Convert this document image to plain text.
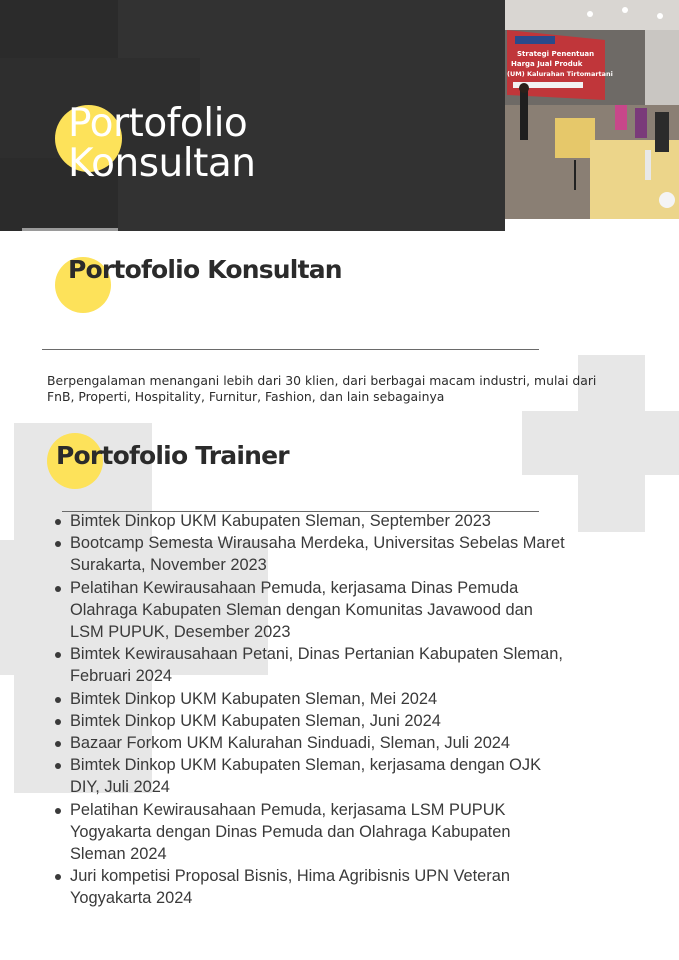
Portofolio
Konsultan
Strategi Penentuan
Harga Jual Produk
(UM) Kalurahan Tirtomartani
Portofolio Konsultan

Berpengalaman menangani lebih dari 30 klien, dari berbagai macam industri, mulai dari FnB, Properti, Hospitality, Furnitur, Fashion, dan lain sebagainya

Portofolio Trainer
Bimtek Dinkop UKM Kabupaten Sleman, September 2023
Bootcamp Semesta Wirausaha Merdeka, Universitas Sebelas Maret Surakarta, November 2023
Pelatihan Kewirausahaan Pemuda, kerjasama Dinas Pemuda Olahraga Kabupaten Sleman dengan Komunitas Javawood dan LSM PUPUK, Desember 2023
Bimtek Kewirausahaan Petani, Dinas Pertanian Kabupaten Sleman, Februari 2024
Bimtek Dinkop UKM Kabupaten Sleman, Mei 2024
Bimtek Dinkop UKM Kabupaten Sleman, Juni 2024
Bazaar Forkom UKM Kalurahan Sinduadi, Sleman, Juli 2024
Bimtek Dinkop UKM Kabupaten Sleman, kerjasama dengan OJK DIY, Juli 2024
Pelatihan Kewirausahaan Pemuda, kerjasama LSM PUPUK Yogyakarta dengan Dinas Pemuda dan Olahraga Kabupaten Sleman 2024
Juri kompetisi Proposal Bisnis, Hima Agribisnis UPN Veteran Yogyakarta 2024
